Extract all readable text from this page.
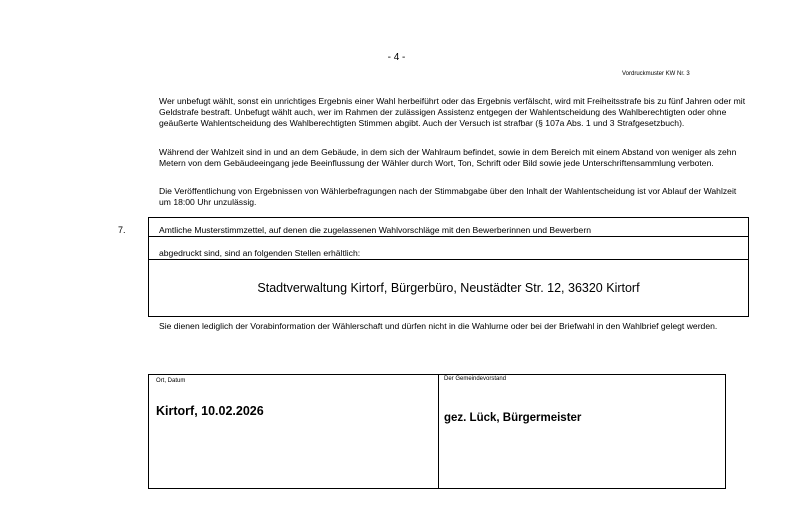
- 4 -
Vordruckmuster KW Nr. 3

Wer unbefugt wählt, sonst ein unrichtiges Ergebnis einer Wahl herbeiführt oder das Ergebnis verfälscht, wird mit Freiheitsstrafe bis zu fünf Jahren oder mit Geldstrafe bestraft. Unbefugt wählt auch, wer im Rahmen der zulässigen Assistenz entgegen der Wahlentscheidung des Wahlberechtigten oder ohne geäußerte Wahlentscheidung des Wahlberechtigten Stimmen abgibt. Auch der Versuch ist strafbar (§ 107a Abs. 1 und 3 Strafgesetzbuch).

Während der Wahlzeit sind in und an dem Gebäude, in dem sich der Wahlraum befindet, sowie in dem Bereich mit einem Abstand von weniger als zehn Metern von dem Gebäudeeingang jede Beeinflussung der Wähler durch Wort, Ton, Schrift oder Bild sowie jede Unterschriftensammlung verboten.

Die Veröffentlichung von Ergebnissen von Wählerbefragungen nach der Stimmabgabe über den Inhalt der Wahlentscheidung ist vor Ablauf der Wahlzeit um 18:00 Uhr unzulässig.

7.	Amtliche Musterstimmzettel, auf denen die zugelassenen Wahlvorschläge mit den Bewerberinnen und Bewerbern
abgedruckt sind, sind an folgenden Stellen erhältlich:
Stadtverwaltung Kirtorf, Bürgerbüro, Neustädter Str. 12, 36320 Kirtorf

Sie dienen lediglich der Vorabinformation der Wählerschaft und dürfen nicht in die Wahlurne oder bei der Briefwahl in den Wahlbrief gelegt werden.

Ort, Datum	Der Gemeindevorstand
Kirtorf, 10.02.2026	gez. Lück, Bürgermeister
